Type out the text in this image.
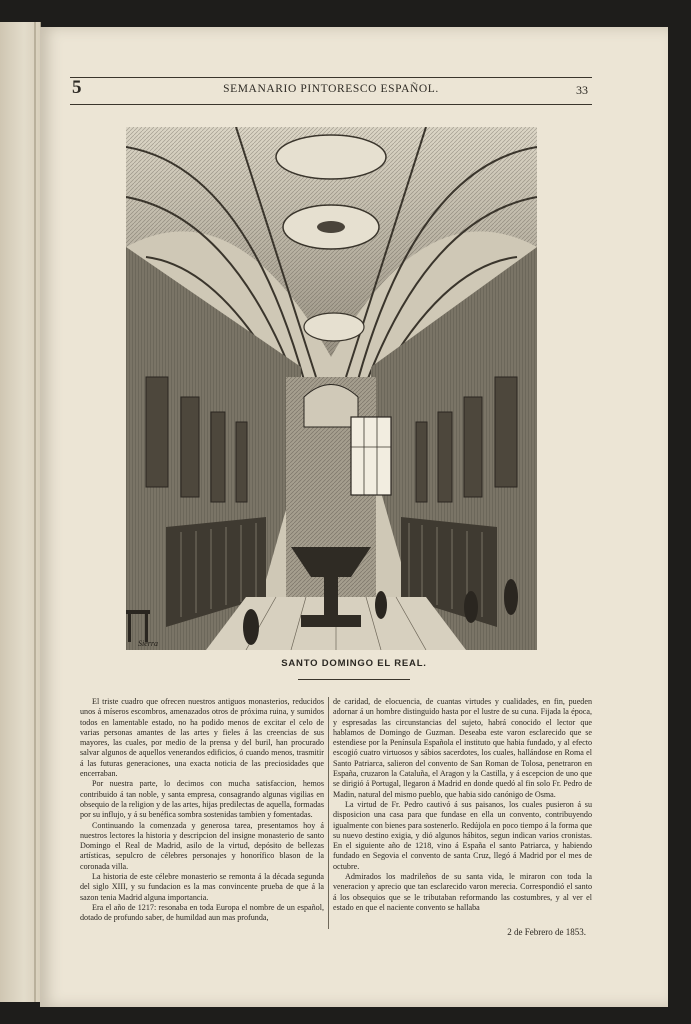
5	SEMANARIO PINTORESCO ESPAÑOL.	33
Sierra
SANTO DOMINGO EL REAL.

El triste cuadro que ofrecen nuestros antiguos monasterios, reducidos unos á míseros escombros, amenazados otros de próxima ruina, y sumidos todos en lamentable estado, no ha podido menos de excitar el celo de varias personas amantes de las artes y fieles á las creencias de sus mayores, las cuales, por medio de la prensa y del buril, han procurado salvar algunos de aquellos venerandos edificios, ó cuando menos, trasmitir á las futuras generaciones, una exacta noticia de las preciosidades que encerraban.

Por nuestra parte, lo decimos con mucha satisfaccion, hemos contribuido á tan noble, y santa empresa, consagrando algunas vigilias en obsequio de la religion y de las artes, hijas predilectas de aquella, formadas por su influjo, y á su benéfica sombra sostenidas tambien y fomentadas.

Continuando la comenzada y generosa tarea, presentamos hoy á nuestros lectores la historia y descripcion del insigne monasterio de santo Domingo el Real de Madrid, asilo de la virtud, depósito de bellezas artísticas, sepulcro de célebres personajes y honorífico blason de la coronada villa.

La historia de este célebre monasterio se remonta á la década segunda del siglo XIII, y su fundacion es la mas convincente prueba de que á la sazon tenia Madrid alguna importancia.

Era el año de 1217: resonaba en toda Europa el nombre de un español, dotado de profundo saber, de humildad aun mas profunda,

de caridad, de elocuencia, de cuantas virtudes y cualidades, en fin, pueden adornar á un hombre distinguido hasta por el lustre de su cuna. Fijada la época, y espresadas las circunstancias del sujeto, habrá conocido el lector que hablamos de Domingo de Guzman. Deseaba este varon esclarecido que se estendiese por la Península Española el instituto que habia fundado, y al efecto escogió cuatro virtuosos y sábios sacerdotes, los cuales, hallándose en Roma el Santo Patriarca, salieron del convento de San Roman de Tolosa, penetraron en España, cruzaron la Cataluña, el Aragon y la Castilla, y á escepcion de uno que se dirigió á Portugal, llegaron á Madrid en donde quedó al fin solo Fr. Pedro de Madin, natural del mismo pueblo, que habia sido canónigo de Osma.

La virtud de Fr. Pedro cautivó á sus paisanos, los cuales pusieron á su disposicion una casa para que fundase en ella un convento, contribuyendo igualmente con bienes para sostenerlo. Redújola en poco tiempo á la forma que su nuevo destino exigia, y dió algunos hábitos, segun indican varios cronistas. En el siguiente año de 1218, vino á España el santo Patriarca, y habiendo fundado en Segovia el convento de santa Cruz, llegó á Madrid por el mes de octubre.

Admirados los madrileños de su santa vida, le miraron con toda la veneracion y aprecio que tan esclarecido varon merecia. Correspondió el santo á los obsequios que se le tributaban reformando las costumbres, y al ver el estado en que el naciente convento se hallaba

2 de Febrero de 1853.
